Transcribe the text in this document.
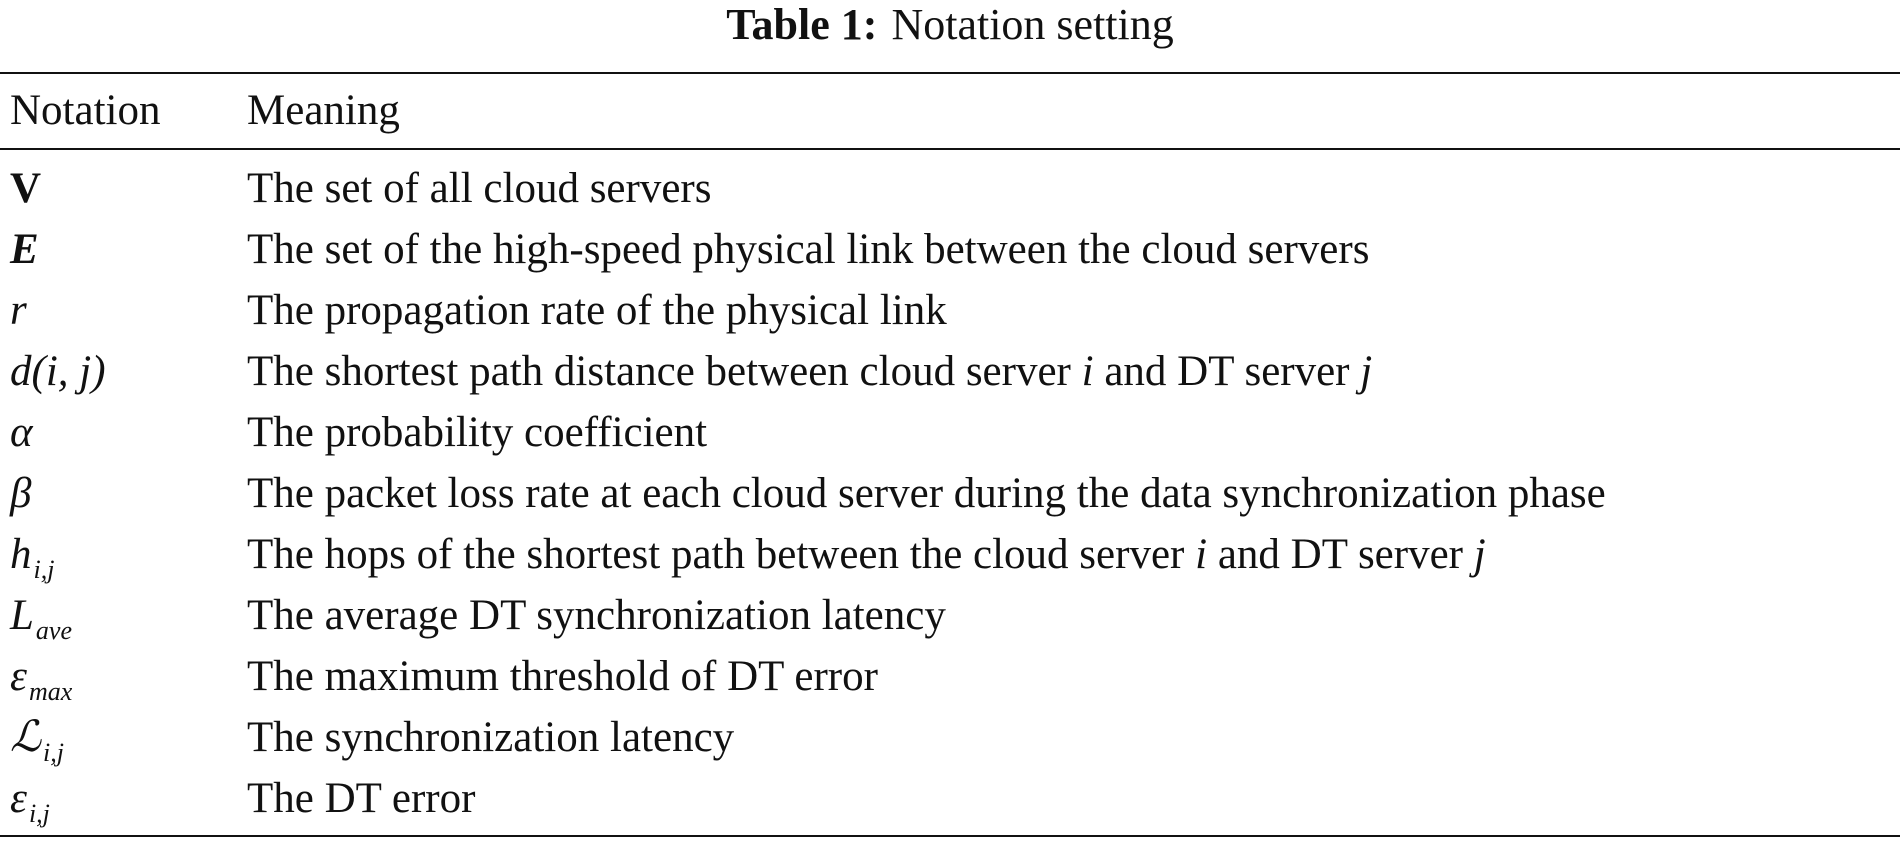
Table 1: Notation setting
Notation	Meaning
V	The set of all cloud servers
E	The set of the high-speed physical link between the cloud servers
r	The propagation rate of the physical link
d(i, j)	The shortest path distance between cloud server i and DT server j
α	The probability coefficient
β	The packet loss rate at each cloud server during the data synchronization phase
$h_{i,j}$	The hops of the shortest path between the cloud server i and DT server j
$L_{ave}$	The average DT synchronization latency
$\varepsilon_{max}$	The maximum threshold of DT error
ℒ$_{i,j}$	The synchronization latency
$\varepsilon_{i,j}$	The DT error
